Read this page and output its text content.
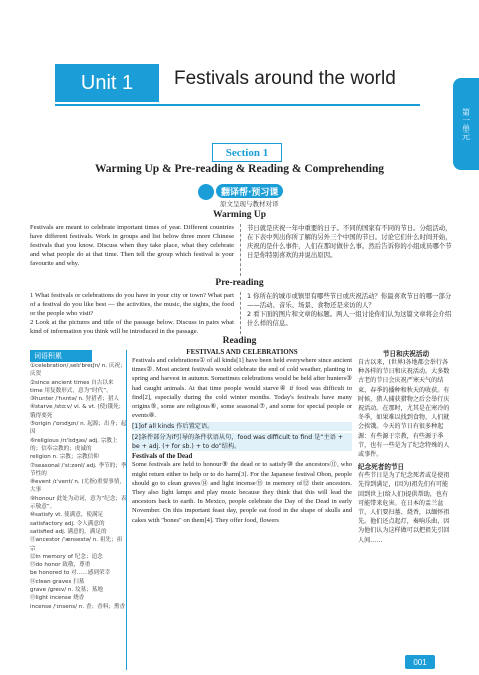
Unit 1	Festivals around the world
第一单元
Section 1
Warming Up & Pre-reading & Reading & Comprehending
翻译帮·预习课
原文呈现与教材对译
Warming Up
Festivals are meant to celebrate important times of year. Different countries have different festivals. Work in groups and list below three more Chinese festivals that you know. Discuss when they take place, what they celebrate and what people do at that time. Then tell the group which festival is your favourite and why.
节日就是庆祝一年中重要的日子。不同的国家有不同的节日。分组活动，在下表中列出你所了解的另外三个中国的节日。讨论它们什么时间开始，庆祝的是什么事件，人们在那时做什么事。然后告诉你的小组成员哪个节日是你特别喜欢的并说出原因。
Pre-reading
1 What festivals or celebrations do you have in your city or town? What part of a festival do you like best — the activities, the music, the sights, the food or the people who visit?

2 Look at the pictures and title of the passage below. Discuss in pairs what kind of information you think will be introduced in the passage.
1 你所在的城市或镇里有哪些节日或庆祝活动？你最喜欢节日的哪一部分——活动、音乐、场景、食物还是来访的人？
2 看下面的图片和文章的标题。两人一组讨论你们认为这篇文章将会介绍什么样的信息。
Reading
词语积累
①celebration/ˌselɪˈbreɪʃn/ n. 庆祝；庆贺
②since ancient times 自古以来
time 用复数形式，意为“时代”。
③hunter /ˈhʌntə/ n. 狩猎者；猎人
④starve /stɑːv/ vi. & vt. (使)饿死；饿得要死
⑤origin /ˈɒrɪdʒɪn/ n. 起源；出身；起因
⑥religious /rɪˈlɪdʒəs/ adj. 宗教上的；信奉宗教的；虔诚的
religion n. 宗教；宗教信仰
⑦seasonal /ˈsiːzənl/ adj. 季节的；季节性的
⑧event /ɪˈvent/ n. (尤指)重要事情，大事
⑨honour 此处为动词，意为“纪念；表示敬意”。
⑩satisfy vt. 使满意，使满足
satisfactory adj. 令人满意的
satisfied adj. 满意的，满足的
⑪ancestor /ˈænsestə/ n. 祖先；祖宗
⑫in memory of 纪念；追念
⑬do honor 致敬，尊重
be honored to 对……感到荣幸
⑭clean graves 扫墓
grave /ɡreɪv/ n. 坟墓；墓地
⑮light incense 烧香
incense /ˈɪnsens/ n. 香；香料；熏香
FESTIVALS AND CELEBRATIONS

Festivals and celebrations① of all kinds[1] have been held everywhere since ancient times②. Most ancient festivals would celebrate the end of cold weather, planting in spring and harvest in autumn. Sometimes celebrations would be held after hunters③ had caught animals. At that time people would starve④ if food was difficult to find[2], especially during the cold winter months. Today's festivals have many origins⑤, some are religious⑥, some seasonal⑦, and some for special people or events⑧.

[1]of all kinds 作后置定语。
[2]条件部分为if引导的条件状语从句，food was difficult to find 是“主语 + be + adj. (+ for sb.) + to do”结构。
Festivals of the Dead

Some festivals are held to honour⑨ the dead or to satisfy⑩ the ancestors⑪, who might return either to help or to do harm[3]. For the Japanese festival Obon, people should go to clean graves⑭ and light incense⑮ in memory of⑫ their ancestors. They also light lamps and play music because they think that this will lead the ancestors back to earth. In Mexico, people celebrate the Day of the Dead in early November. On this important feast day, people eat food in the shape of skulls and cakes with "bones" on them[4]. They offer food, flowers

节日和庆祝活动

自古以来，(世界)各地都会举行各种各样的节日和庆祝活动。大多数古老的节日会庆祝严寒天气的结束，春季的播种和秋天的收获。有时候，猎人捕获猎物之后会举行庆祝活动。在那时，尤其是在寒冷的冬季，如果难以找到食物，人们就会挨饿。今天的节日有很多种起源：有些源于宗教，有些源于季节，也有一些是为了纪念特殊的人或事件。

纪念死者的节日

有些节日是为了纪念死者或是使祖先得到满足，(因为)祖先们有可能回到世上(给人们)提供帮助，也有可能带来危害。在日本的盂兰盆节，人们要扫墓、烧香，以缅怀祖先。他们还点起灯，奏响乐曲，因为他们认为这样做可以把祖先引回人间……

001
